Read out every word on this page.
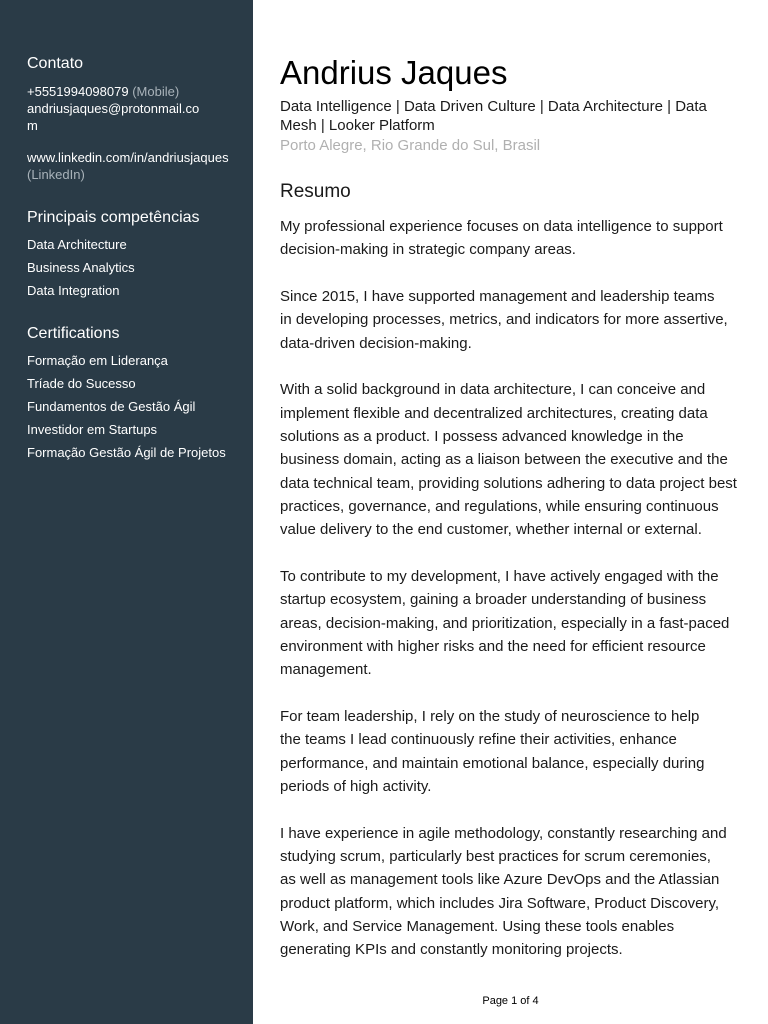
Contato
+5551994098079 (Mobile)
andriusjaques@protonmail.com
www.linkedin.com/in/andriusjaques
(LinkedIn)
Principais competências
Data Architecture
Business Analytics
Data Integration
Certifications
Formação em Liderança
Tríade do Sucesso
Fundamentos de Gestão Ágil
Investidor em Startups
Formação Gestão Ágil de Projetos
Andrius Jaques
Data Intelligence | Data Driven Culture | Data Architecture | Data Mesh | Looker Platform
Porto Alegre, Rio Grande do Sul, Brasil
Resumo

My professional experience focuses on data intelligence to support
decision-making in strategic company areas.

Since 2015, I have supported management and leadership teams
in developing processes, metrics, and indicators for more assertive,
data-driven decision-making.

With a solid background in data architecture, I can conceive and
implement flexible and decentralized architectures, creating data
solutions as a product. I possess advanced knowledge in the
business domain, acting as a liaison between the executive and the
data technical team, providing solutions adhering to data project best
practices, governance, and regulations, while ensuring continuous
value delivery to the end customer, whether internal or external.

To contribute to my development, I have actively engaged with the
startup ecosystem, gaining a broader understanding of business
areas, decision-making, and prioritization, especially in a fast-paced
environment with higher risks and the need for efficient resource
management.

For team leadership, I rely on the study of neuroscience to help
the teams I lead continuously refine their activities, enhance
performance, and maintain emotional balance, especially during
periods of high activity.

I have experience in agile methodology, constantly researching and
studying scrum, particularly best practices for scrum ceremonies,
as well as management tools like Azure DevOps and the Atlassian
product platform, which includes Jira Software, Product Discovery,
Work, and Service Management. Using these tools enables
generating KPIs and constantly monitoring projects.

Page 1 of 4
